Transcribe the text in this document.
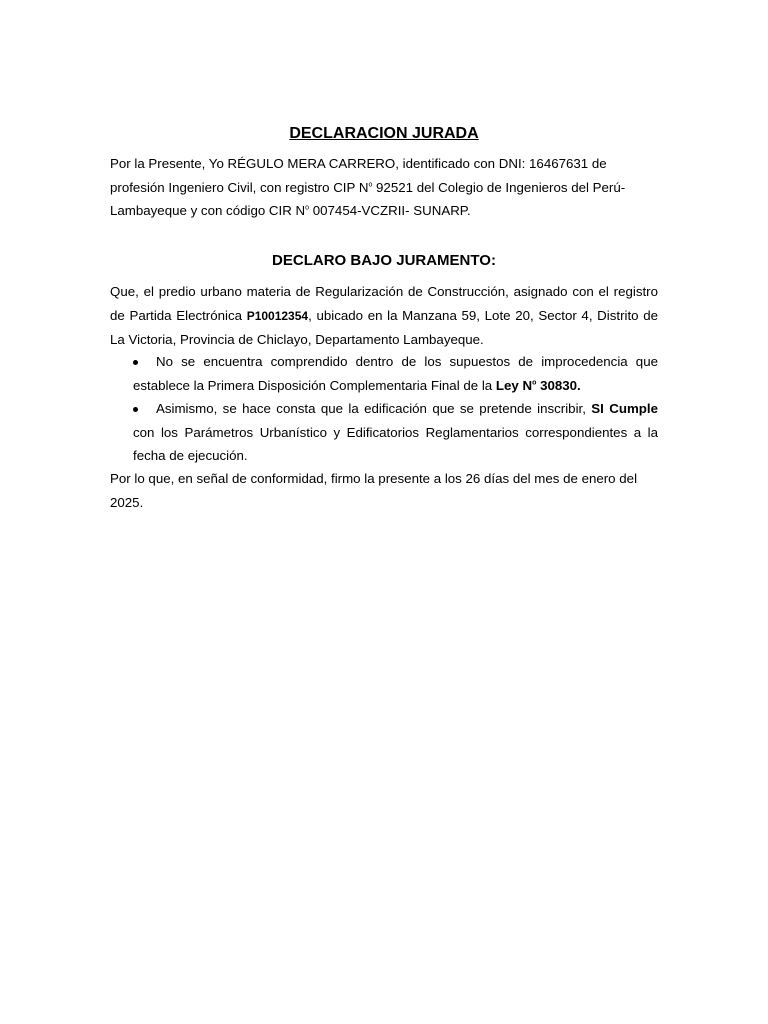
DECLARACION JURADA

Por la Presente, Yo RÉGULO MERA CARRERO, identificado con DNI: 16467631 de profesión Ingeniero Civil, con registro CIP $N^o$ 92521 del Colegio de Ingenieros del Perú-Lambayeque y con código CIR $N^o$ 007454-VCZRII- SUNARP.

DECLARO BAJO JURAMENTO:

Que, el predio urbano materia de Regularización de Construcción, asignado con el registro de Partida Electrónica P10012354, ubicado en la Manzana 59, Lote 20, Sector 4, Distrito de La Victoria, Provincia de Chiclayo, Departamento Lambayeque.

No se encuentra comprendido dentro de los supuestos de improcedencia que establece la Primera Disposición Complementaria Final de la Ley $N^o$ 30830.
Asimismo, se hace consta que la edificación que se pretende inscribir, SI Cumple con los Parámetros Urbanístico y Edificatorios Reglamentarios correspondientes a la fecha de ejecución.

Por lo que, en señal de conformidad, firmo la presente a los 26 días del mes de enero del 2025.
